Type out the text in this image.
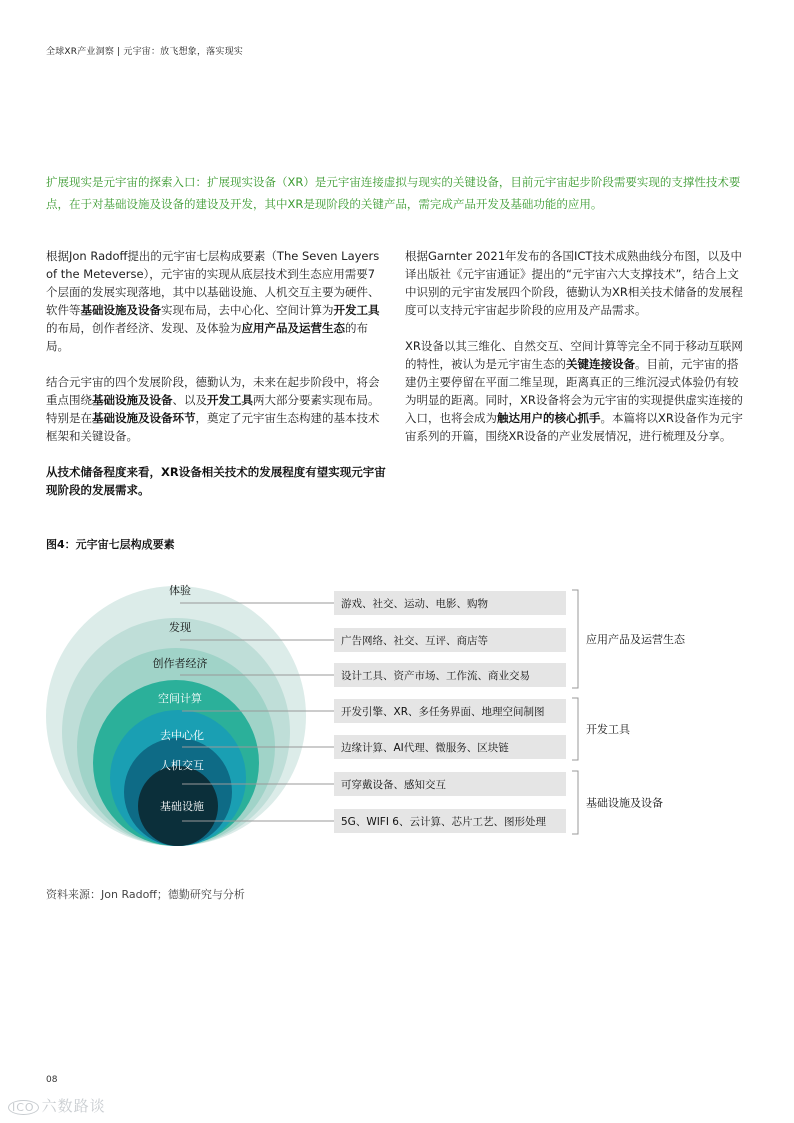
全球XR产业洞察 | 元宇宙：放飞想象，落实现实
扩展现实是元宇宙的探索入口：扩展现实设备（XR）是元宇宙连接虚拟与现实的关键设备，目前元宇宙起步阶段需要实现的支撑性技术要点，在于对基础设施及设备的建设及开发，其中XR是现阶段的关键产品，需完成产品开发及基础功能的应用。

根据Jon Radoff提出的元宇宙七层构成要素（The Seven Layers of the Meteverse），元宇宙的实现从底层技术到生态应用需要7个层面的发展实现落地，其中以基础设施、人机交互主要为硬件、软件等基础设施及设备实现布局，去中心化、空间计算为开发工具的布局，创作者经济、发现、及体验为应用产品及运营生态的布局。

结合元宇宙的四个发展阶段，德勤认为，未来在起步阶段中，将会重点围绕基础设施及设备、以及开发工具两大部分要素实现布局。特别是在基础设施及设备环节，奠定了元宇宙生态构建的基本技术框架和关键设备。

从技术储备程度来看，XR设备相关技术的发展程度有望实现元宇宙现阶段的发展需求。

根据Garnter 2021年发布的各国ICT技术成熟曲线分布图，以及中译出版社《元宇宙通证》提出的“元宇宙六大支撑技术”，结合上文中识别的元宇宙发展四个阶段，德勤认为XR相关技术储备的发展程度可以支持元宇宙起步阶段的应用及产品需求。

XR设备以其三维化、自然交互、空间计算等完全不同于移动互联网的特性，被认为是元宇宙生态的关键连接设备。目前，元宇宙的搭建仍主要停留在平面二维呈现，距离真正的三维沉浸式体验仍有较为明显的距离。同时，XR设备将会为元宇宙的实现提供虚实连接的入口，也将会成为触达用户的核心抓手。本篇将以XR设备作为元宇宙系列的开篇，围绕XR设备的产业发展情况，进行梳理及分享。

图4：元宇宙七层构成要素
体验
发现
创作者经济
空间计算
去中心化
人机交互
基础设施
游戏、社交、运动、电影、购物
广告网络、社交、互评、商店等
设计工具、资产市场、工作流、商业交易
开发引擎、XR、多任务界面、地理空间制图
边缘计算、AI代理、微服务、区块链
可穿戴设备、感知交互
5G、WIFI 6、云计算、芯片工艺、图形处理
应用产品及运营生态
开发工具
基础设施及设备
资料来源：Jon Radoff；德勤研究与分析
08
ICO 六数路谈
